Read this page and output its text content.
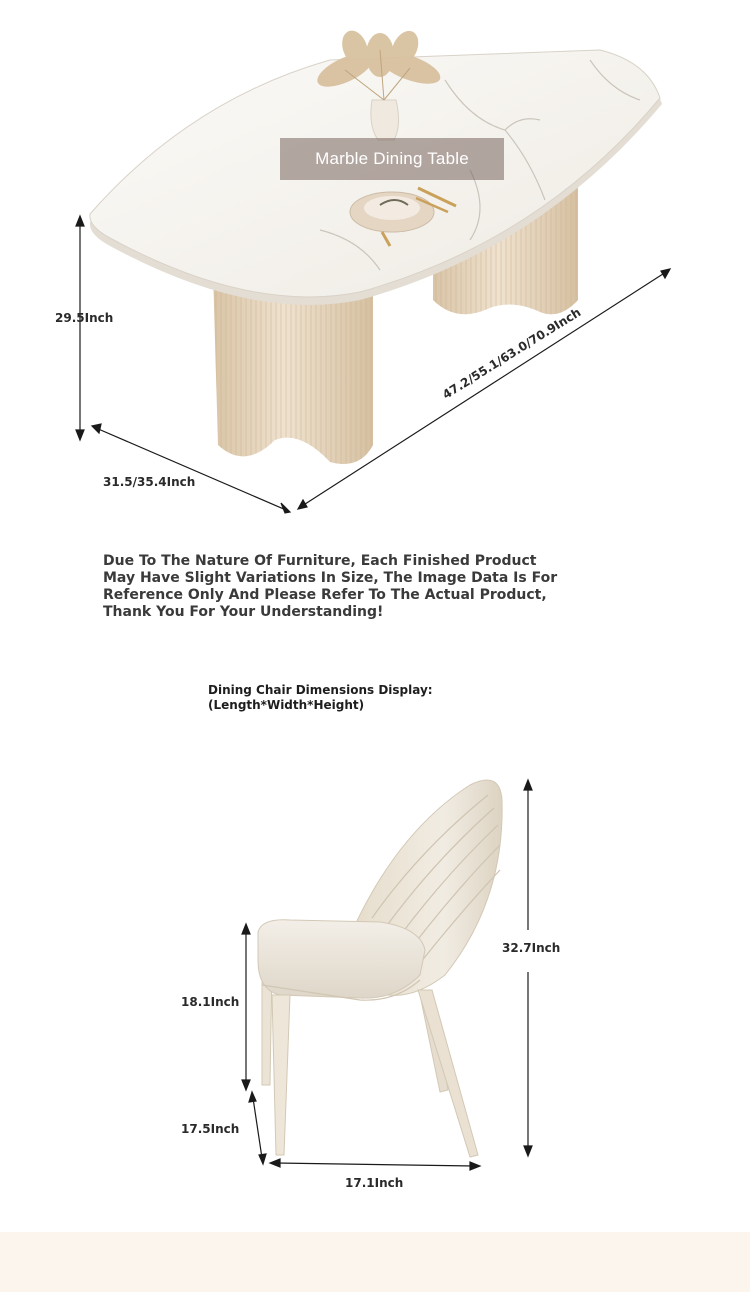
Marble Dining Table
29.5Inch
31.5/35.4Inch
47.2/55.1/63.0/70.9Inch
Due To The Nature Of Furniture, Each Finished Product May Have Slight Variations In Size, The Image Data Is For Reference Only And Please Refer To The Actual Product, Thank You For Your Understanding!
Dining Chair Dimensions Display:
(Length*Width*Height)
32.7Inch
18.1Inch
17.5Inch
17.1Inch
